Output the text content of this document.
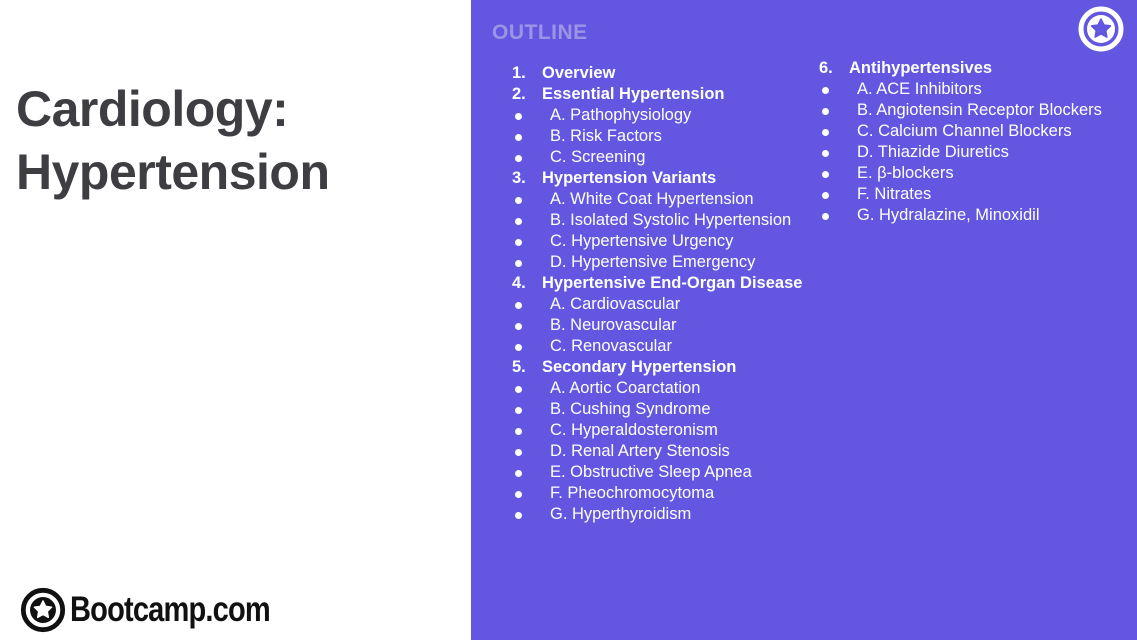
Cardiology:
Hypertension
Bootcamp.com
OUTLINE
1. Overview
2. Essential Hypertension
A. Pathophysiology
B. Risk Factors
C. Screening
3. Hypertension Variants
A. White Coat Hypertension
B. Isolated Systolic Hypertension
C. Hypertensive Urgency
D. Hypertensive Emergency
4. Hypertensive End-Organ Disease
A. Cardiovascular
B. Neurovascular
C. Renovascular
5. Secondary Hypertension
A. Aortic Coarctation
B. Cushing Syndrome
C. Hyperaldosteronism
D. Renal Artery Stenosis
E. Obstructive Sleep Apnea
F. Pheochromocytoma
G. Hyperthyroidism
6. Antihypertensives
A. ACE Inhibitors
B. Angiotensin Receptor Blockers
C. Calcium Channel Blockers
D. Thiazide Diuretics
E. β-blockers
F. Nitrates
G. Hydralazine, Minoxidil
